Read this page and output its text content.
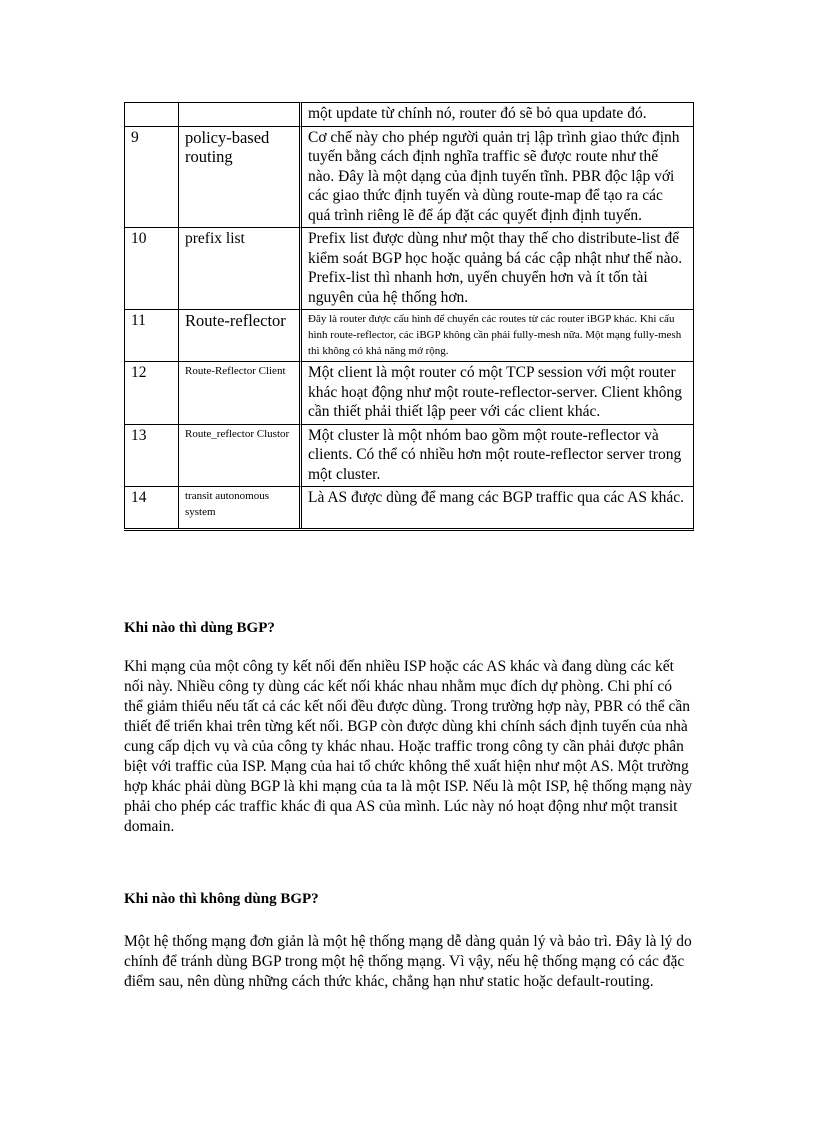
		một update từ chính nó, router đó sẽ bỏ qua update đó.
9	policy-based routing	Cơ chế này cho phép người quản trị lập trình giao thức định tuyến bằng cách định nghĩa traffic sẽ được route như thế nào. Đây là một dạng của định tuyến tĩnh. PBR độc lập với các giao thức định tuyến và dùng route-map để tạo ra các quá trình riêng lẽ để áp đặt các quyết định định tuyến.
10	prefix list	Prefix list được dùng như một thay thế cho distribute-list để kiểm soát BGP học hoặc quảng bá các cập nhật như thế nào. Prefix-list thì nhanh hơn, uyển chuyển hơn và ít tốn tài nguyên của hệ thống hơn.
11	Route-reflector	Đây là router được cấu hình để chuyển các routes từ các router iBGP khác. Khi cấu hình route-reflector, các iBGP không cần phải fully-mesh nữa. Một mạng fully-mesh thì không có khả năng mở rộng.
12	Route-Reflector Client	Một client là một router có một TCP session với một router khác hoạt động như một route-reflector-server. Client không cần thiết phải thiết lập peer với các client khác.
13	Route_reflector Clustor	Một cluster là một nhóm bao gồm một route-reflector và clients. Có thể có nhiều hơn một route-reflector server trong một cluster.
14	transit autonomous system	Là AS được dùng để mang các BGP traffic qua các AS khác.
Khi nào thì dùng BGP?

Khi mạng của một công ty kết nối đến nhiều ISP hoặc các AS khác và đang dùng các kết nối này. Nhiều công ty dùng các kết nối khác nhau nhằm mục đích dự phòng. Chi phí có thể giảm thiểu nếu tất cả các kết nối đều được dùng. Trong trường hợp này, PBR có thể cần thiết để triển khai trên từng kết nối. BGP còn được dùng khi chính sách định tuyến của nhà cung cấp dịch vụ và của công ty khác nhau. Hoặc traffic trong công ty cần phải được phân biệt với traffic của ISP. Mạng của hai tổ chức không thể xuất hiện như một AS. Một trường hợp khác phải dùng BGP là khi mạng của ta là một ISP. Nếu là một ISP, hệ thống mạng này phải cho phép các traffic khác đi qua AS của mình. Lúc này nó hoạt động như một transit domain.

Khi nào thì không dùng BGP?

Một hệ thống mạng đơn giản là một hệ thống mạng dễ dàng quản lý và bảo trì. Đây là lý do chính để tránh dùng BGP trong một hệ thống mạng. Vì vậy, nếu hệ thống mạng có các đặc điểm sau, nên dùng những cách thức khác, chẳng hạn như static hoặc default-routing.
